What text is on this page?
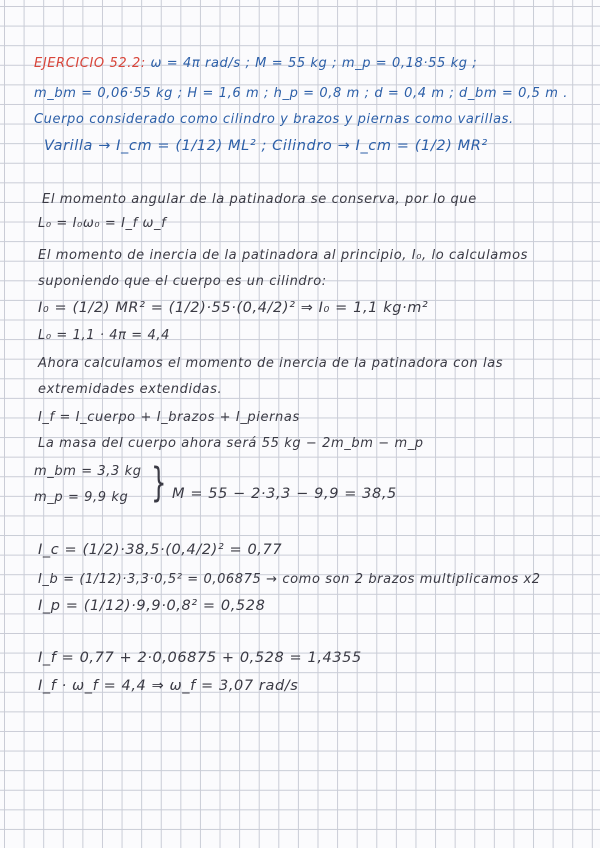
EJERCICIO 52.2: ω = 4π rad/s ; M = 55 kg ; m_p = 0,18·55 kg ;
m_bm = 0,06·55 kg ; H = 1,6 m ; h_p = 0,8 m ; d = 0,4 m ; d_bm = 0,5 m .
Cuerpo considerado como cilindro y brazos y piernas como varillas.
Varilla → I_cm = (1/12) ML² ; Cilindro → I_cm = (1/2) MR²
El momento angular de la patinadora se conserva, por lo que
L₀ = I₀ω₀ = I_f ω_f
El momento de inercia de la patinadora al principio, I₀, lo calculamos
suponiendo que el cuerpo es un cilindro:
I₀ = (1/2) MR² = (1/2)·55·(0,4/2)² ⇒ I₀ = 1,1 kg·m²
L₀ = 1,1 · 4π = 4,4
Ahora calculamos el momento de inercia de la patinadora con las
extremidades extendidas.
I_f = I_cuerpo + I_brazos + I_piernas
La masa del cuerpo ahora será 55 kg − 2m_bm − m_p
m_bm = 3,3 kg
m_p = 9,9 kg } M = 55 − 2·3,3 − 9,9 = 38,5
I_c = (1/2)·38,5·(0,4/2)² = 0,77
I_b = (1/12)·3,3·0,5² = 0,06875 → como son 2 brazos multiplicamos x2
I_p = (1/12)·9,9·0,8² = 0,528
I_f = 0,77 + 2·0,06875 + 0,528 = 1,4355
I_f · ω_f = 4,4 ⇒ ω_f = 3,07 rad/s
